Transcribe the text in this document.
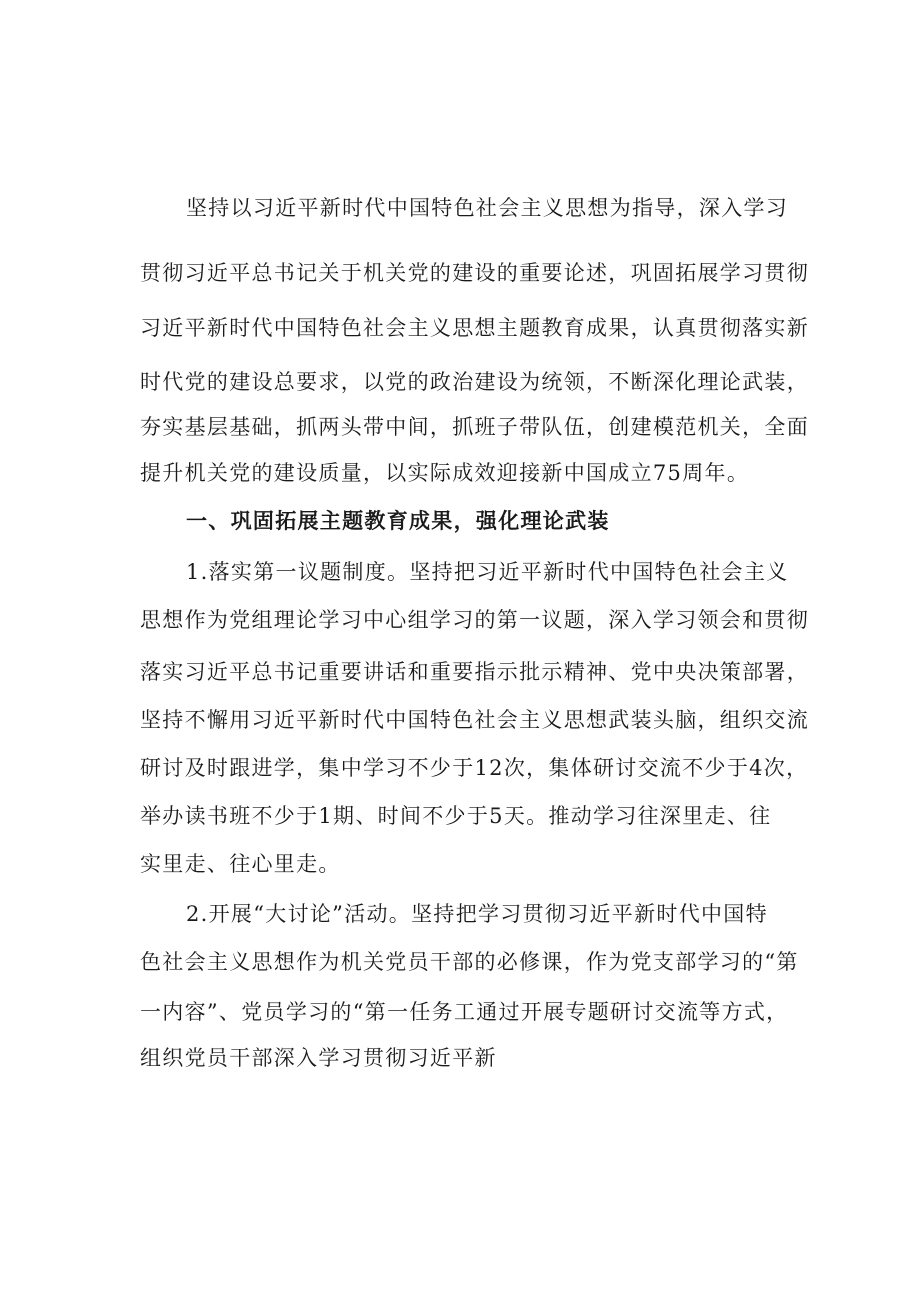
坚持以习近平新时代中国特色社会主义思想为指导，深入学习
贯彻习近平总书记关于机关党的建设的重要论述，巩固拓展学习贯彻
习近平新时代中国特色社会主义思想主题教育成果，认真贯彻落实新
时代党的建设总要求，以党的政治建设为统领，不断深化理论武装，
夯实基层基础，抓两头带中间，抓班子带队伍，创建模范机关，全面
提升机关党的建设质量，以实际成效迎接新中国成立75周年。
一、巩固拓展主题教育成果，强化理论武装
1.落实第一议题制度。坚持把习近平新时代中国特色社会主义
思想作为党组理论学习中心组学习的第一议题，深入学习领会和贯彻
落实习近平总书记重要讲话和重要指示批示精神、党中央决策部署，
坚持不懈用习近平新时代中国特色社会主义思想武装头脑，组织交流
研讨及时跟进学，集中学习不少于12次，集体研讨交流不少于4次，
举办读书班不少于1期、时间不少于5天。推动学习往深里走、往
实里走、往心里走。
2.开展“大讨论”活动。坚持把学习贯彻习近平新时代中国特
色社会主义思想作为机关党员干部的必修课，作为党支部学习的“第
一内容”、党员学习的“第一任务工通过开展专题研讨交流等方式，
组织党员干部深入学习贯彻习近平新
